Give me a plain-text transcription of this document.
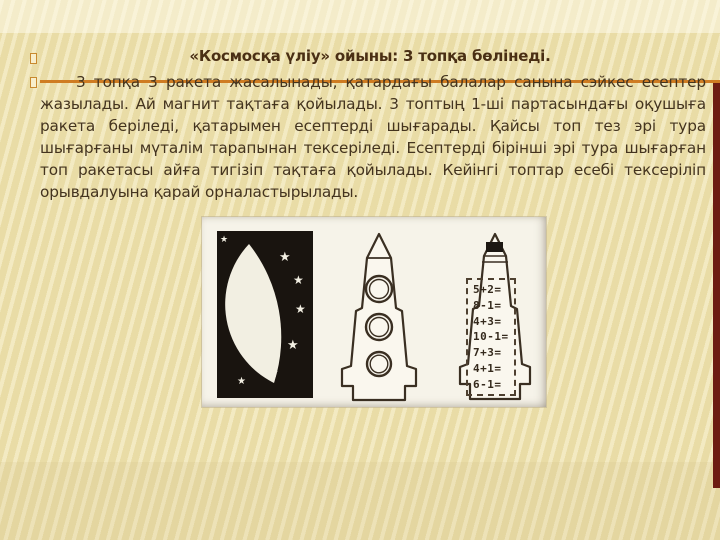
«Космосқа үліу» ойыны: 3 топқа бөлінеді.
3 топқа 3 ракета жасалынады, қатардағы балалар санына сэйкес есептер жазылады. Ай магнит тақтаға қойылады. 3 топтың 1-ші партасындағы оқушыға ракета беріледі, қатарымен есептерді шығарады. Қайсы топ тез эрі тура шығарғаны мүталім тарапынан тексеріледі. Есептерді бірінші эрі тура шығарған топ ракетасы айға тигізіп тақтаға қойылады. Кейінгі топтар есебі тексеріліп орывдалуына қарай орналастырылады.
★
★
★
★
★
★
★
5+2=
8-1=
4+3=
10-1=
7+3=
4+1=
6-1=
